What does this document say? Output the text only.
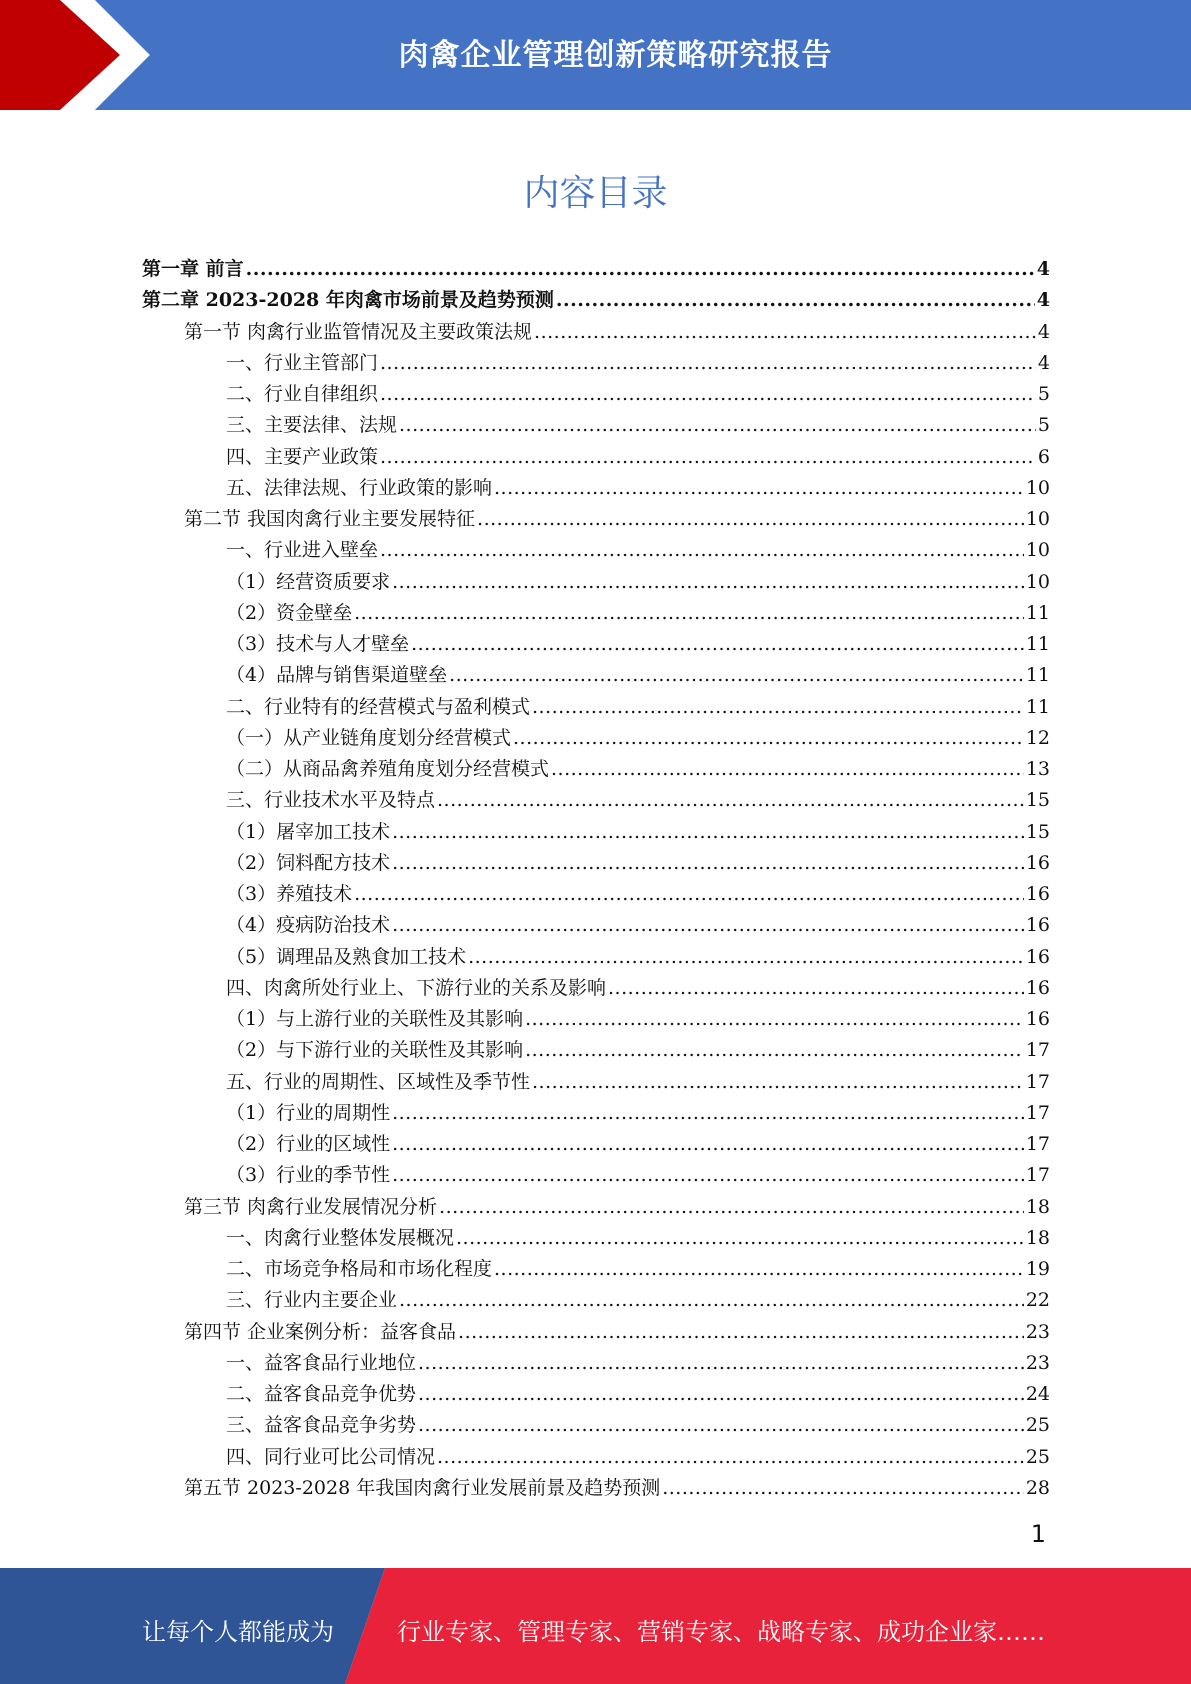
肉禽企业管理创新策略研究报告
内容目录
第一章 前言 .....	4
第二章 2023-2028 年肉禽市场前景及趋势预测 .....	4
第一节 肉禽行业监管情况及主要政策法规 .....	4
一、行业主管部门 .....	4
二、行业自律组织 .....	5
三、主要法律、法规 .....	5
四、主要产业政策 .....	6
五、法律法规、行业政策的影响 .....	10
第二节 我国肉禽行业主要发展特征 .....	10
一、行业进入壁垒 .....	10
（1）经营资质要求 .....	10
（2）资金壁垒 .....	11
（3）技术与人才壁垒 .....	11
（4）品牌与销售渠道壁垒 .....	11
二、行业特有的经营模式与盈利模式 .....	11
（一）从产业链角度划分经营模式 .....	12
（二）从商品禽养殖角度划分经营模式 .....	13
三、行业技术水平及特点 .....	15
（1）屠宰加工技术 .....	15
（2）饲料配方技术 .....	16
（3）养殖技术 .....	16
（4）疫病防治技术 .....	16
（5）调理品及熟食加工技术 .....	16
四、肉禽所处行业上、下游行业的关系及影响 .....	16
（1）与上游行业的关联性及其影响 .....	16
（2）与下游行业的关联性及其影响 .....	17
五、行业的周期性、区域性及季节性 .....	17
（1）行业的周期性 .....	17
（2）行业的区域性 .....	17
（3）行业的季节性 .....	17
第三节 肉禽行业发展情况分析 .....	18
一、肉禽行业整体发展概况 .....	18
二、市场竞争格局和市场化程度 .....	19
三、行业内主要企业 .....	22
第四节 企业案例分析：益客食品 .....	23
一、益客食品行业地位 .....	23
二、益客食品竞争优势 .....	24
三、益客食品竞争劣势 .....	25
四、同行业可比公司情况 .....	25
第五节 2023-2028 年我国肉禽行业发展前景及趋势预测 .....	28
1
让每个人都能成为	行业专家、管理专家、营销专家、战略专家、成功企业家……
